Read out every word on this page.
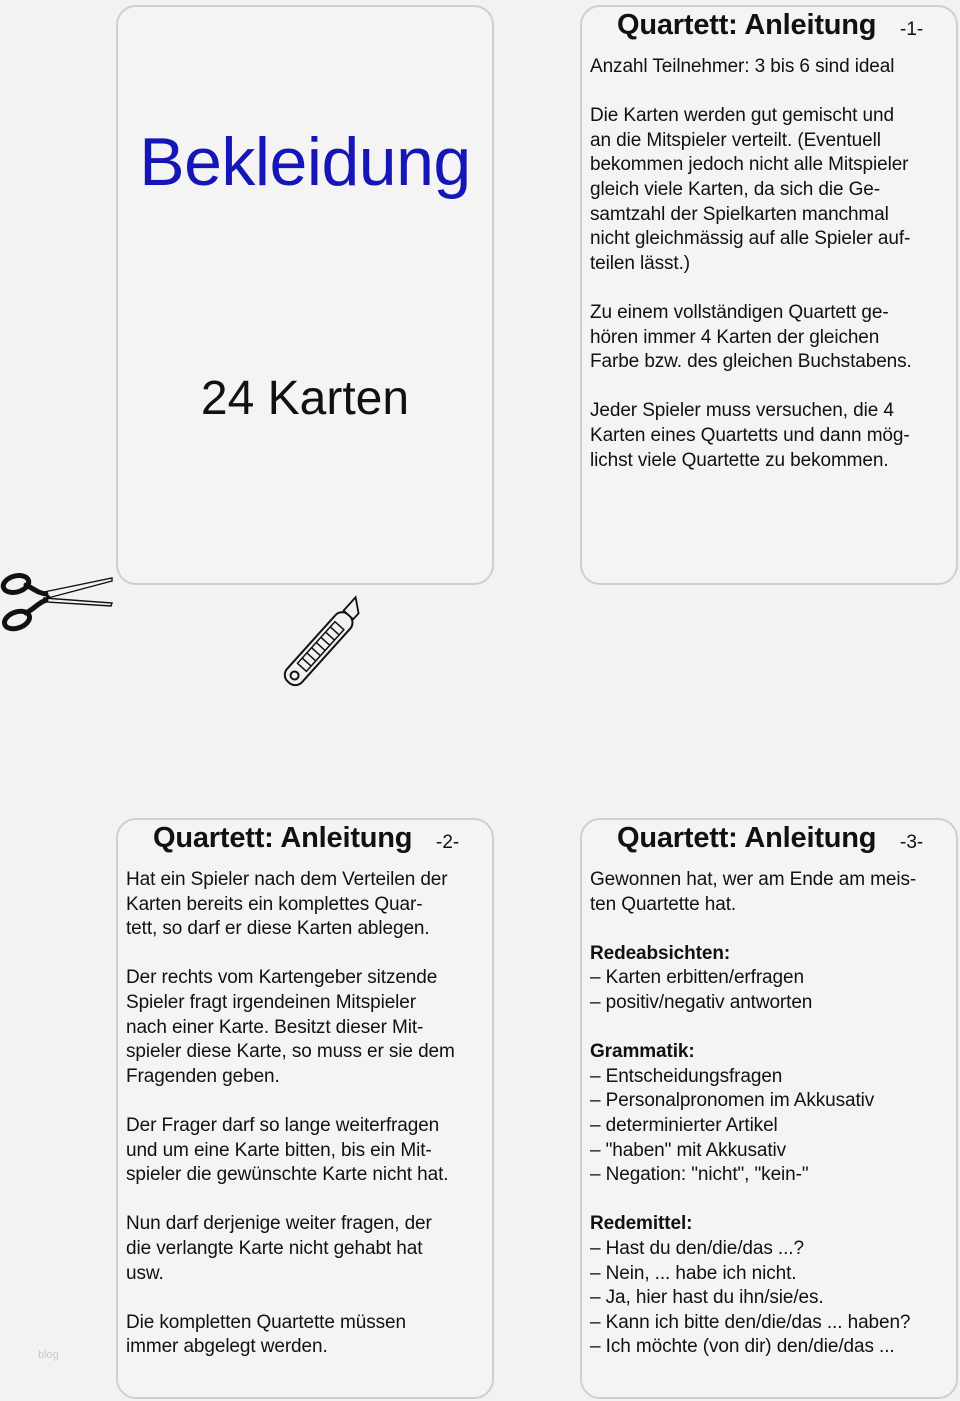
Bekleidung
24 Karten
Quartett: Anleitung -1-

Anzahl Teilnehmer: 3 bis 6 sind ideal

Die Karten werden gut gemischt und
an die Mitspieler verteilt. (Eventuell
bekommen jedoch nicht alle Mitspieler
gleich viele Karten, da sich die Ge-
samtzahl der Spielkarten manchmal
nicht gleichmässig auf alle Spieler auf-
teilen lässt.)

Zu einem vollständigen Quartett ge-
hören immer 4 Karten der gleichen
Farbe bzw. des gleichen Buchstabens.

Jeder Spieler muss versuchen, die 4
Karten eines Quartetts und dann mög-
lichst viele Quartette zu bekommen.

Quartett: Anleitung -2-

Hat ein Spieler nach dem Verteilen der
Karten bereits ein komplettes Quar-
tett, so darf er diese Karten ablegen.

Der rechts vom Kartengeber sitzende
Spieler fragt irgendeinen Mitspieler
nach einer Karte. Besitzt dieser Mit-
spieler diese Karte, so muss er sie dem
Fragenden geben.

Der Frager darf so lange weiterfragen
und um eine Karte bitten, bis ein Mit-
spieler die gewünschte Karte nicht hat.

Nun darf derjenige weiter fragen, der
die verlangte Karte nicht gehabt hat
usw.

Die kompletten Quartette müssen
immer abgelegt werden.

Quartett: Anleitung -3-

Gewonnen hat, wer am Ende am meis-
ten Quartette hat.

Redeabsichten:
– Karten erbitten/erfragen
– positiv/negativ antworten

Grammatik:
– Entscheidungsfragen
– Personalpronomen im Akkusativ
– determinierter Artikel
– "haben" mit Akkusativ
– Negation: "nicht", "kein-"

Redemittel:
– Hast du den/die/das ...?
– Nein, ... habe ich nicht.
– Ja, hier hast du ihn/sie/es.
– Kann ich bitte den/die/das ... haben?
– Ich möchte (von dir) den/die/das ...

blog
